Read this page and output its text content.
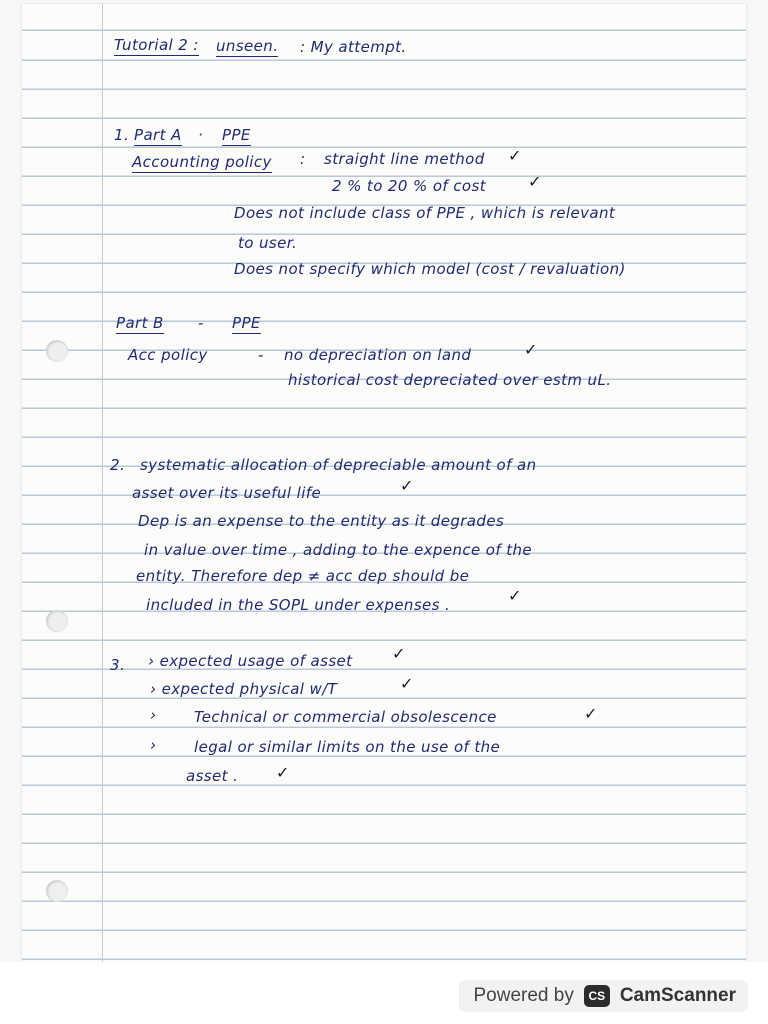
Tutorial 2 : unseen. : My attempt.
1. Part A · PPE
Accounting policy : straight line method ✓
2 % to 20 % of cost	✓
Does not include class of PPE , which is relevant
to user.
Does not specify which model (cost / revaluation)
Part B - PPE
Acc policy	- no depreciation on land	✓
historical cost depreciated over estm uL.
2. systematic allocation of depreciable amount of an
asset over its useful life	✓
Dep is an expense to the entity as it degrades
in value over time , adding to the expence of the
entity. Therefore dep ≠ acc dep should be
included in the SOPL under expenses .	✓
3. › expected usage of asset ✓
› expected physical w/T	✓
›	Technical or commercial obsolescence	✓
›	legal or similar limits on the use of the
asset . ✓
Powered by	CS CamScanner
